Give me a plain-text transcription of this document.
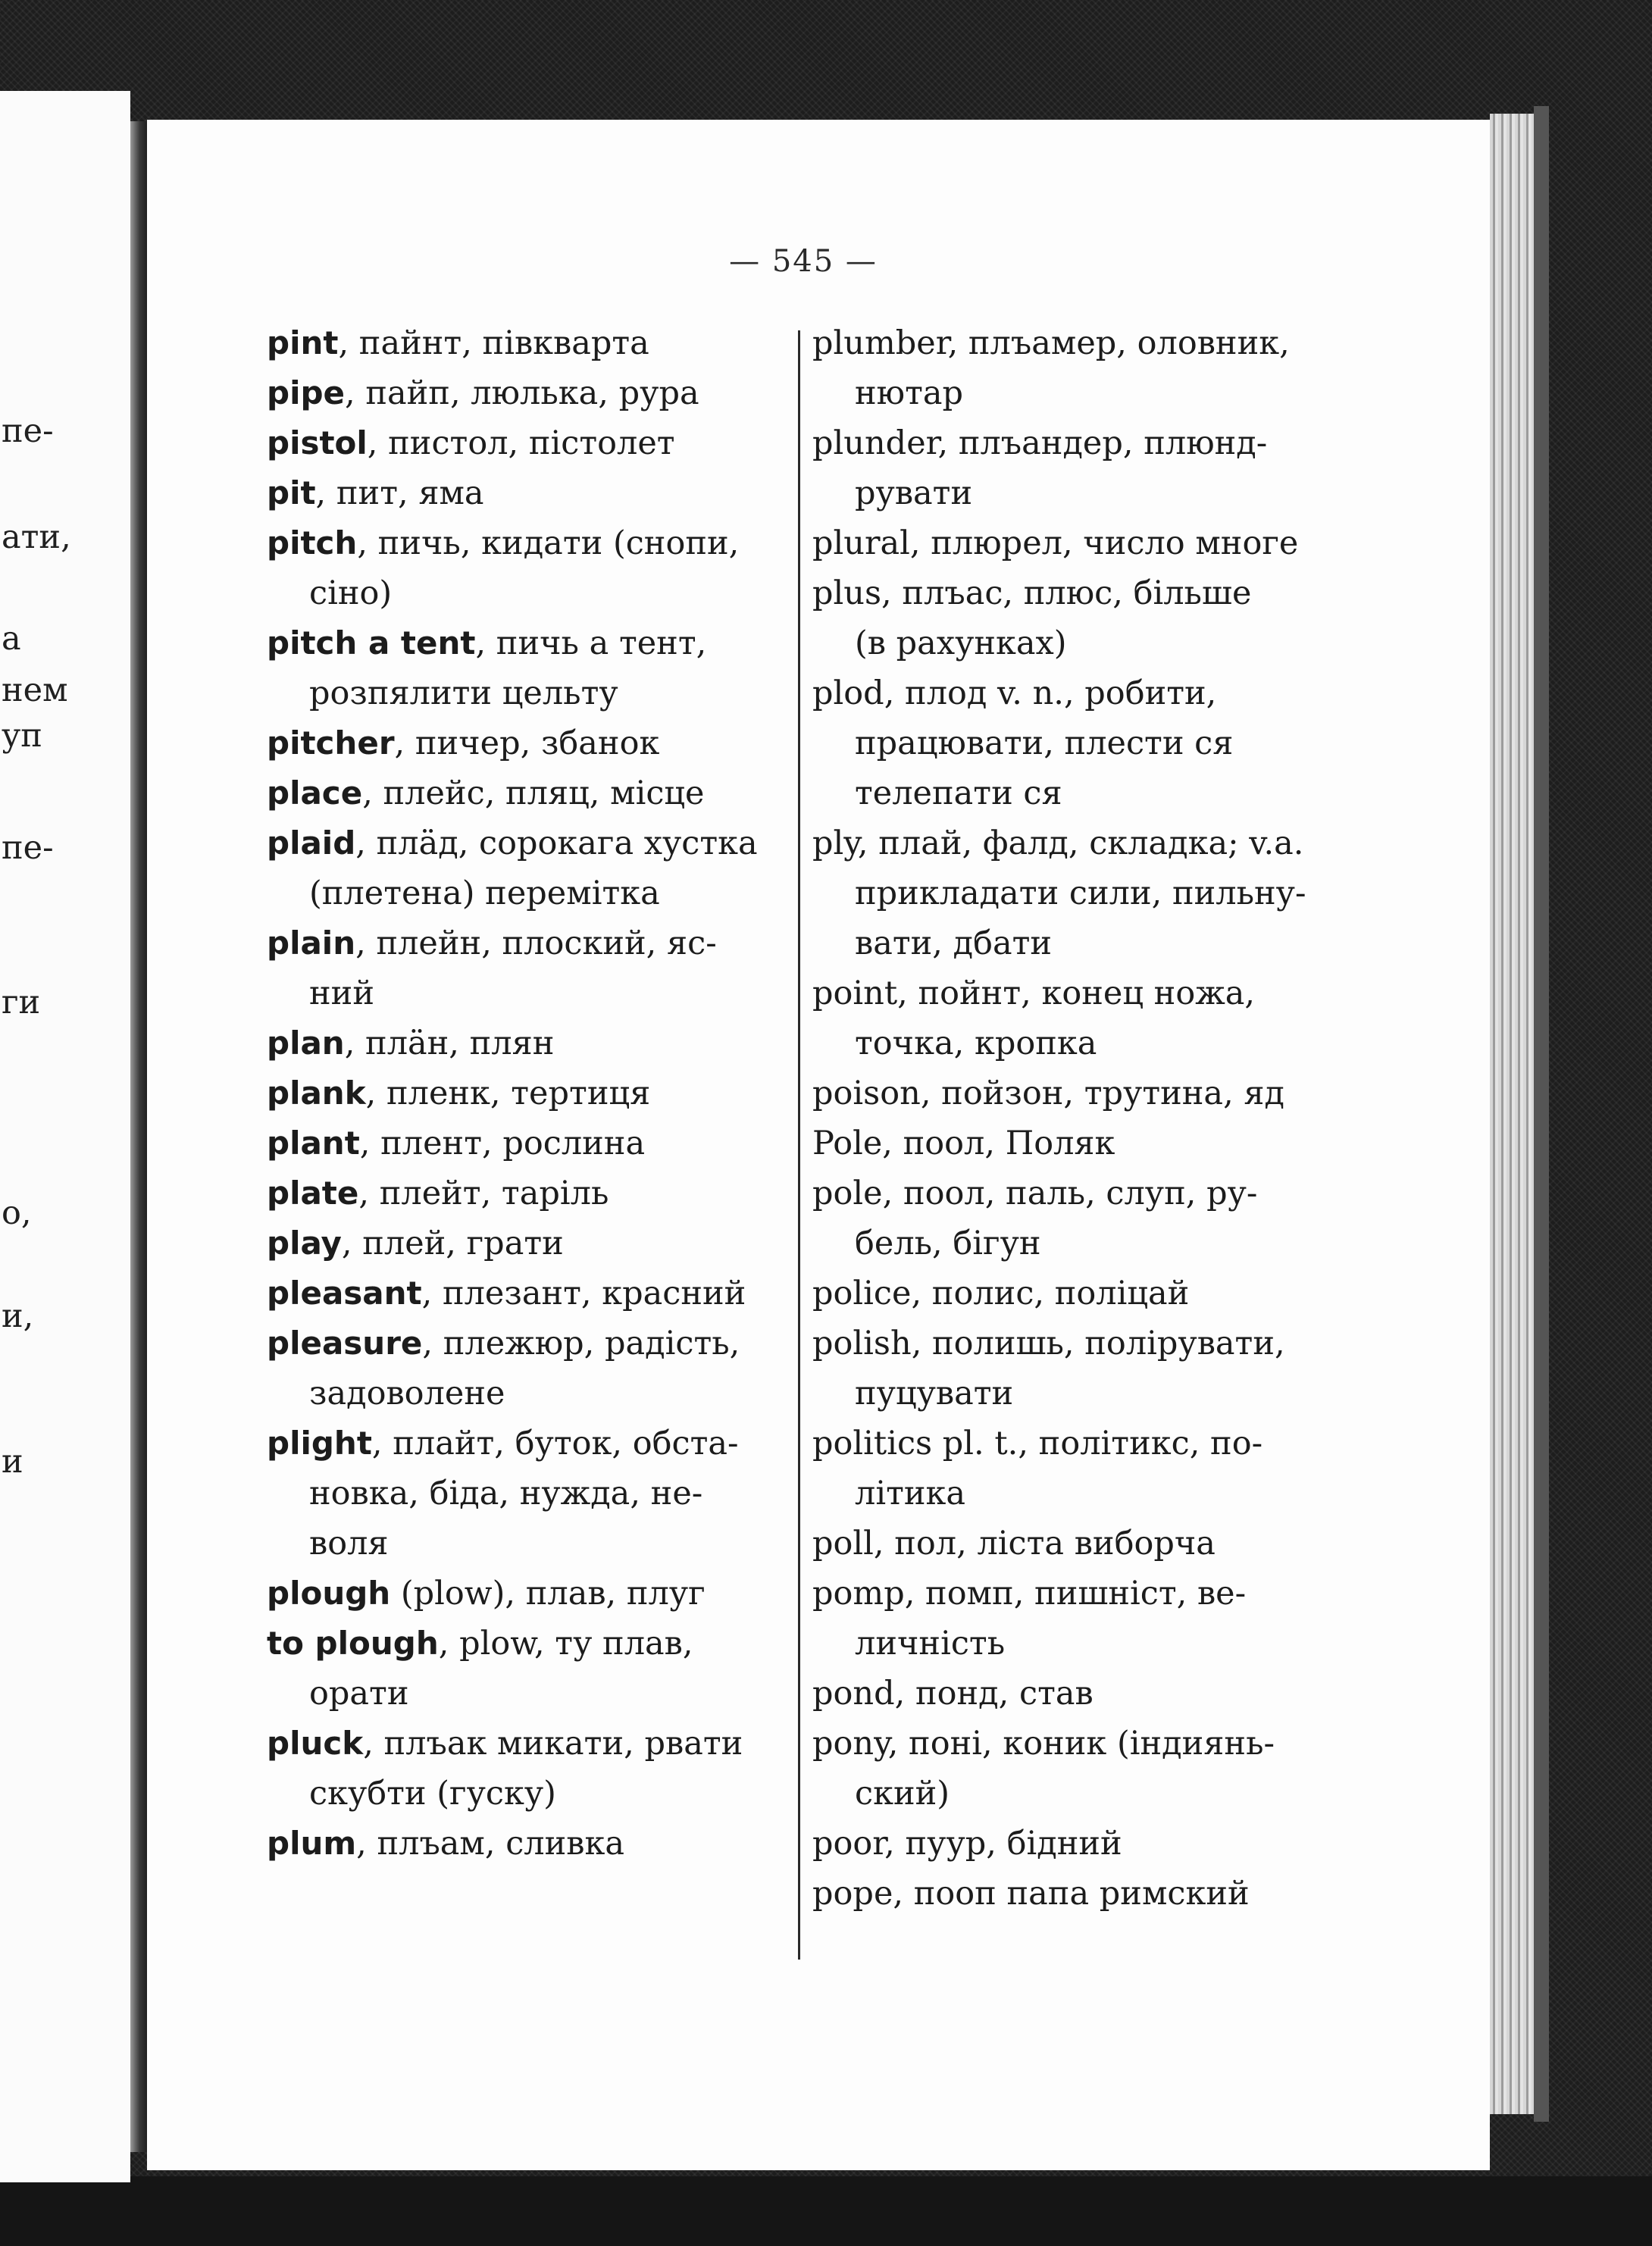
пе-
ати,
а
нем
уп
пе-
ги
о,
и,
и
— 545 —
pint, пайнт, півкварта
pipe, пайп, люлька, рура
pistol, пистол, пістолет
pit, пит, яма
pitch, пичь, кидати (снопи,
сіно)
pitch a tent, пичь а тент,
розпялити цельту
pitcher, пичер, збанок
place, плейс, пляц, місце
plaid, плäд, сорокага хустка
(плетена) перемітка
plain, плейн, плоский, яс-
ний
plan, плäн, плян
plank, пленк, тертиця
plant, плент, рослина
plate, плейт, таріль
play, плей, грати
pleasant, плезант, красний
pleasure, плежюр, радість,
задоволене
plight, плайт, буток, обста-
новка, біда, нужда, не-
воля
plough (plow), плав, плуг
to plough, plow, ту плав,
орати
pluck, плъак микати, рвати
скубти (гуску)
plum, плъам, сливка
plumber, плъамер, оловник,
нютар
plunder, плъандер, плюнд-
рувати
plural, плюрел, число многе
plus, плъас, плюс, більше
(в рахунках)
plod, плод v. n., робити,
працювати, плести ся
телепати ся
ply, плай, фалд, складка; v.a.
прикладати сили, пильну-
вати, дбати
point, пойнт, конец ножа,
точка, кропка
poison, пойзон, трутина, яд
Pole, поол, Поляк
pole, поол, паль, слуп, ру-
бель, бігун
police, полис, поліцай
polish, полишь, полірувати,
пуцувати
politics pl. t., політикс, по-
літика
poll, пол, ліста виборча
pomp, помп, пишніст, ве-
личність
pond, понд, став
pony, поні, коник (індиянь-
ский)
poor, пуур, бідний
pope, пооп папа римский
